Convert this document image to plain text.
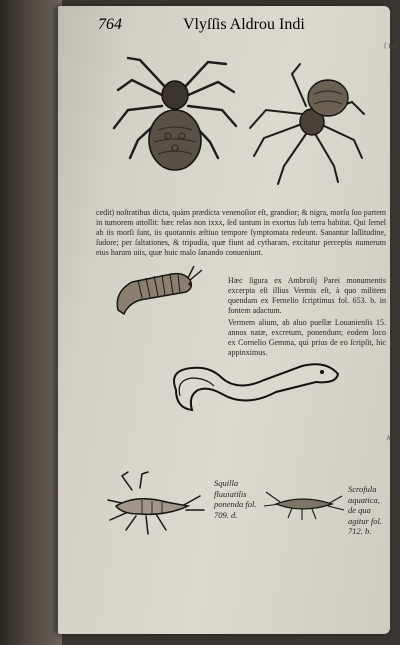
764	Vlyſſis Aldrou Indi
cedit) noſtratibus dicta, quàm prædicta venenoſior eſt, grandior; & nigra, morſu ſuo partem in tumorem attollit: hæc relas non ixxx, ſed tantum in exortus ſub terra habitat. Qui ſemel ab iis morſi ſunt, iis quotannis æſtiuo tempore ſymptomata redeunt. Sanantur laſſitudine, ſudore; per ſaltationes, & tripudia, quæ fiunt ad cytharam, excitatur perceptis numerum eius harum uiis, quæ huic malo ſanando conueniunt.
Hæc ſigura ex Ambroſij Parei monumentis excerpta eſt illius Vermis eſt, à quo militem quendam ex Fernelio ſcriptimus fol. 653. b. in fontem adactum.
Vermem alium, ab aluo puellæ Louanienſis 15. annos natæ, excretum, ponendum; eodem loco ex Cornelio Gemma, qui prius de eo ſcripſit, hic appinximus.
ẛ 1 n
A
Squilla fluuiatilis ponenda fol. 709. d.
Scrofula aquatica, de qua agitur fol. 712. b.
